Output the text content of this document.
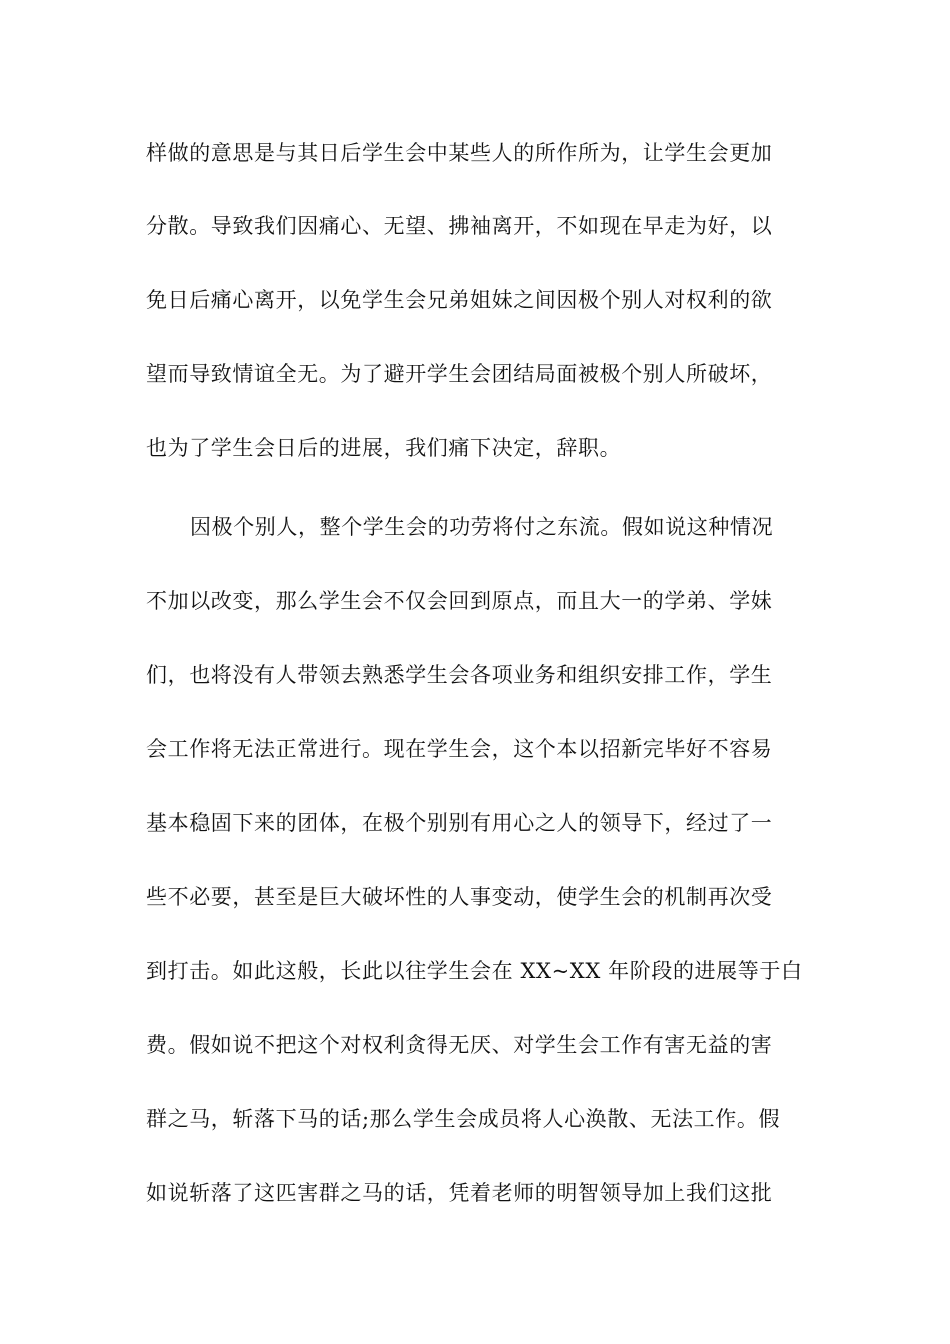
样做的意思是与其日后学生会中某些人的所作所为，让学生会更加
分散。导致我们因痛心、无望、拂袖离开，不如现在早走为好，以
免日后痛心离开，以免学生会兄弟姐妹之间因极个别人对权利的欲
望而导致情谊全无。为了避开学生会团结局面被极个别人所破坏，
也为了学生会日后的进展，我们痛下决定，辞职。
因极个别人，整个学生会的功劳将付之东流。假如说这种情况
不加以改变，那么学生会不仅会回到原点，而且大一的学弟、学妹
们，也将没有人带领去熟悉学生会各项业务和组织安排工作，学生
会工作将无法正常进行。现在学生会，这个本以招新完毕好不容易
基本稳固下来的团体，在极个别别有用心之人的领导下，经过了一
些不必要，甚至是巨大破坏性的人事变动，使学生会的机制再次受
到打击。如此这般，长此以往学生会在 XX~XX 年阶段的进展等于白
费。假如说不把这个对权利贪得无厌、对学生会工作有害无益的害
群之马，斩落下马的话;那么学生会成员将人心涣散、无法工作。假
如说斩落了这匹害群之马的话，凭着老师的明智领导加上我们这批
